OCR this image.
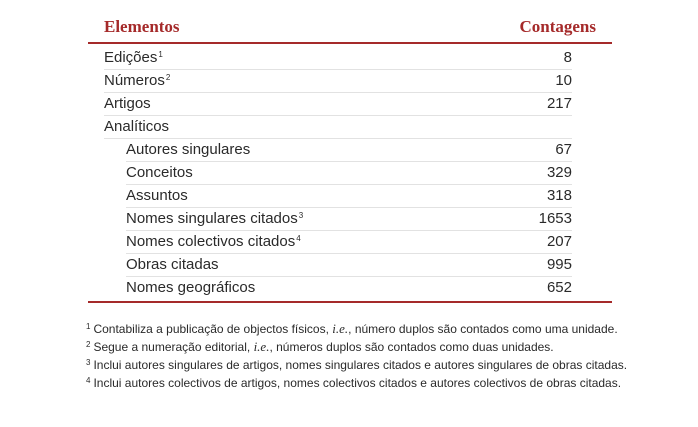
Elementos	Contagens
Edições$^1$	8
Números$^2$	10
Artigos	217
Analíticos
Autores singulares	67
Conceitos	329
Assuntos	318
Nomes singulares citados$^3$	1653
Nomes colectivos citados$^4$	207
Obras citadas	995
Nomes geográficos	652
$^1$ Contabiliza a publicação de objectos físicos, i.e., número duplos são contados como uma unidade.
$^2$ Segue a numeração editorial, i.e., números duplos são contados como duas unidades.
$^3$ Inclui autores singulares de artigos, nomes singulares citados e autores singulares de obras citadas.
$^4$ Inclui autores colectivos de artigos, nomes colectivos citados e autores colectivos de obras citadas.
